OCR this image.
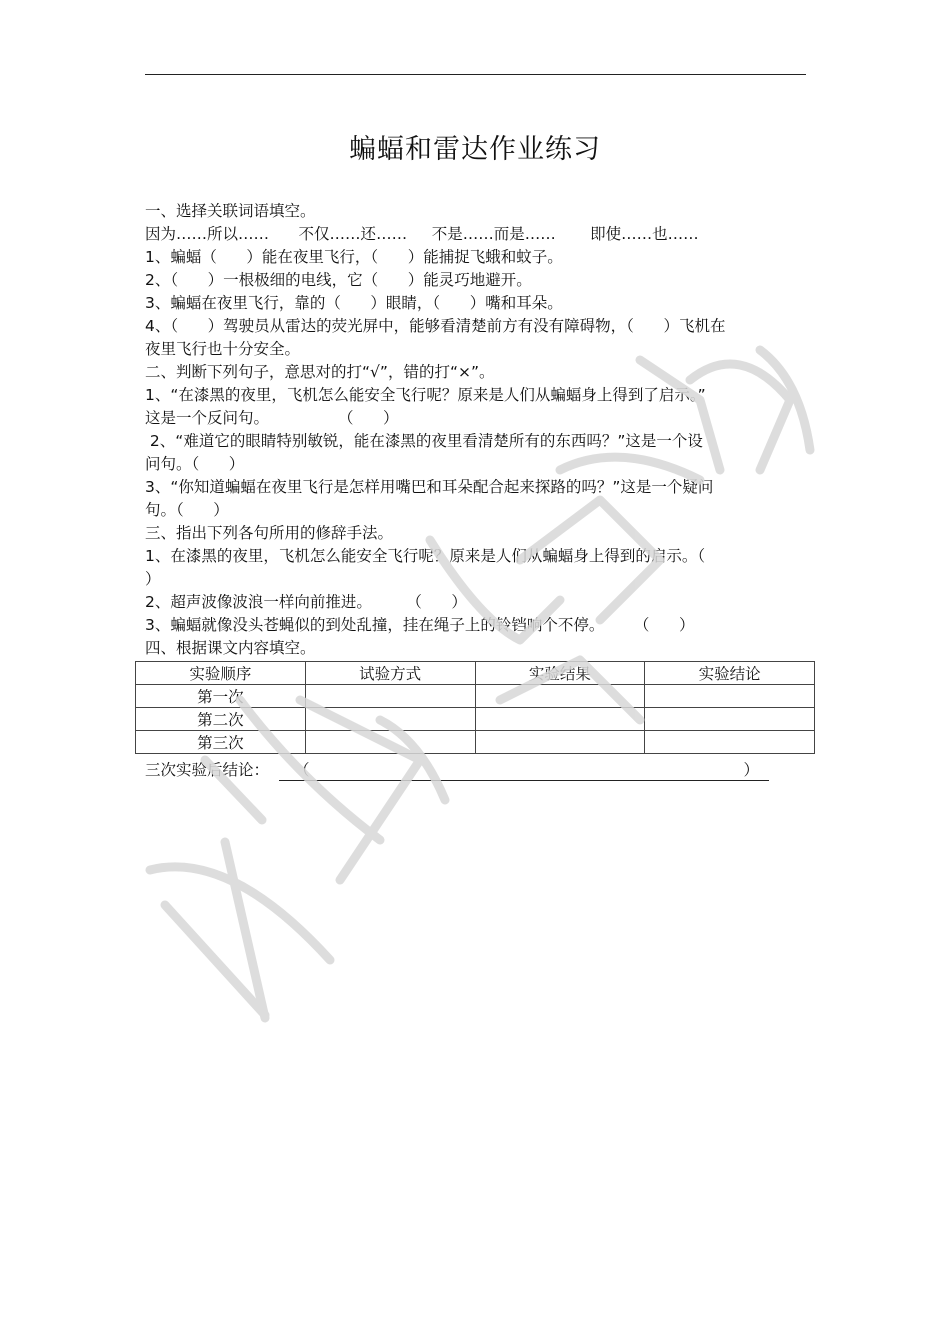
蝙蝠和雷达作业练习
一、选择关联词语填空。
因为……所以……      不仅……还……     不是……而是……       即使……也……
1、蝙蝠（      ）能在夜里飞行，（      ）能捕捉飞蛾和蚊子。
2、（      ）一根极细的电线，它（      ）能灵巧地避开。
3、蝙蝠在夜里飞行，靠的（      ）眼睛，（      ）嘴和耳朵。
4、（      ）驾驶员从雷达的荧光屏中，能够看清楚前方有没有障碍物，（      ）飞机在
夜里飞行也十分安全。
二、判断下列句子，意思对的打“√”，错的打“×”。
1、“在漆黑的夜里，飞机怎么能安全飞行呢？原来是人们从蝙蝠身上得到了启示。”
这是一个反问句。              （      ）
2、“难道它的眼睛特别敏锐，能在漆黑的夜里看清楚所有的东西吗？”这是一个设
问句。（      ）
3、“你知道蝙蝠在夜里飞行是怎样用嘴巴和耳朵配合起来探路的吗？”这是一个疑问
句。（      ）
三、指出下列各句所用的修辞手法。
1、在漆黑的夜里，飞机怎么能安全飞行呢？原来是人们从蝙蝠身上得到的启示。（
）
2、超声波像波浪一样向前推进。       （      ）
3、蝙蝠就像没头苍蝇似的到处乱撞，挂在绳子上的铃铛响个不停。      （      ）
四、根据课文内容填空。
实验顺序	试验方式	实验结果	实验结论
第一次			
第二次			
第三次			
三次实验后结论： （	）
